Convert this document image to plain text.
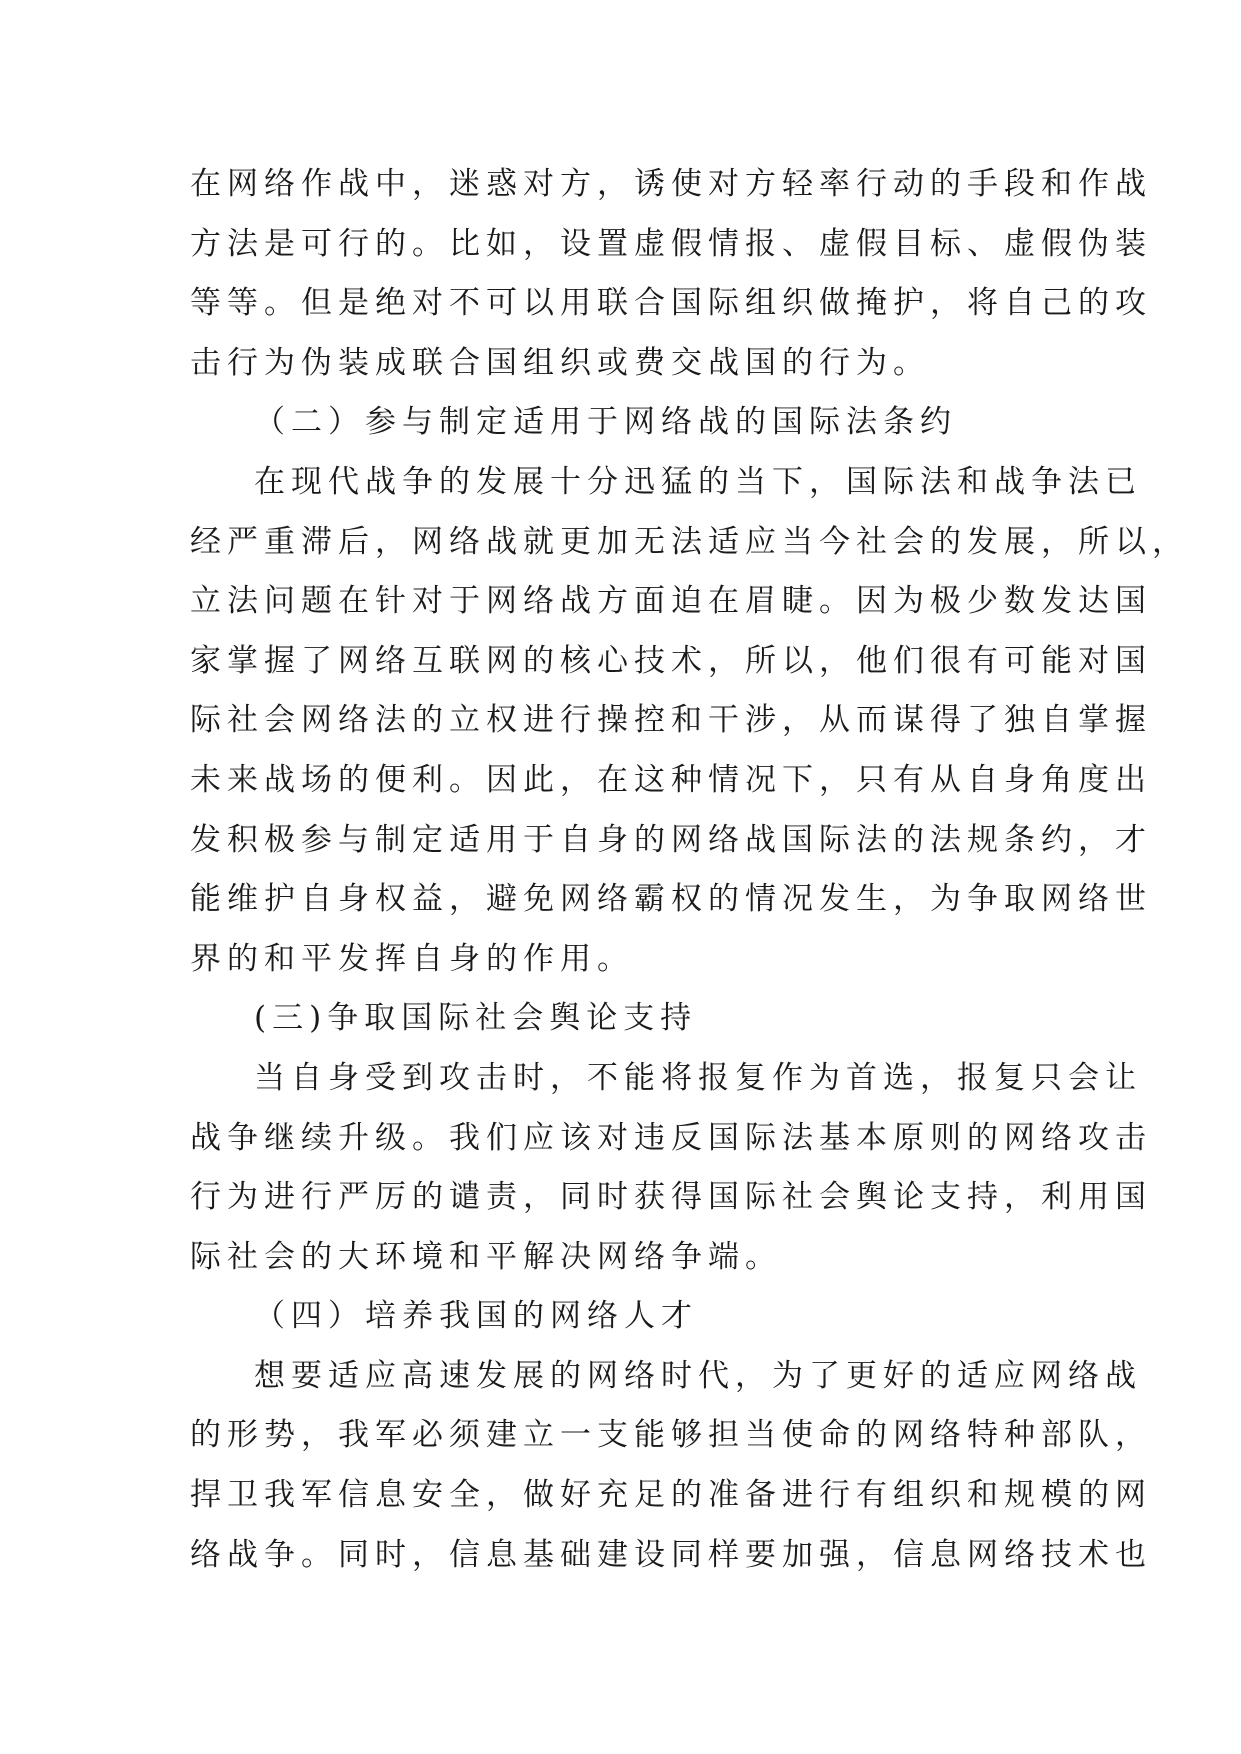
在网络作战中，迷惑对方，诱使对方轻率行动的手段和作战
方法是可行的。比如，设置虚假情报、虚假目标、虚假伪装
等等。但是绝对不可以用联合国际组织做掩护，将自己的攻
击行为伪装成联合国组织或费交战国的行为。
（二）参与制定适用于网络战的国际法条约
在现代战争的发展十分迅猛的当下，国际法和战争法已
经严重滞后，网络战就更加无法适应当今社会的发展，所以，
立法问题在针对于网络战方面迫在眉睫。因为极少数发达国
家掌握了网络互联网的核心技术，所以，他们很有可能对国
际社会网络法的立权进行操控和干涉，从而谋得了独自掌握
未来战场的便利。因此，在这种情况下，只有从自身角度出
发积极参与制定适用于自身的网络战国际法的法规条约，才
能维护自身权益，避免网络霸权的情况发生，为争取网络世
界的和平发挥自身的作用。
(三)争取国际社会舆论支持
当自身受到攻击时，不能将报复作为首选，报复只会让
战争继续升级。我们应该对违反国际法基本原则的网络攻击
行为进行严厉的谴责，同时获得国际社会舆论支持，利用国
际社会的大环境和平解决网络争端。
（四）培养我国的网络人才
想要适应高速发展的网络时代，为了更好的适应网络战
的形势，我军必须建立一支能够担当使命的网络特种部队，
捍卫我军信息安全，做好充足的准备进行有组织和规模的网
络战争。同时，信息基础建设同样要加强，信息网络技术也
